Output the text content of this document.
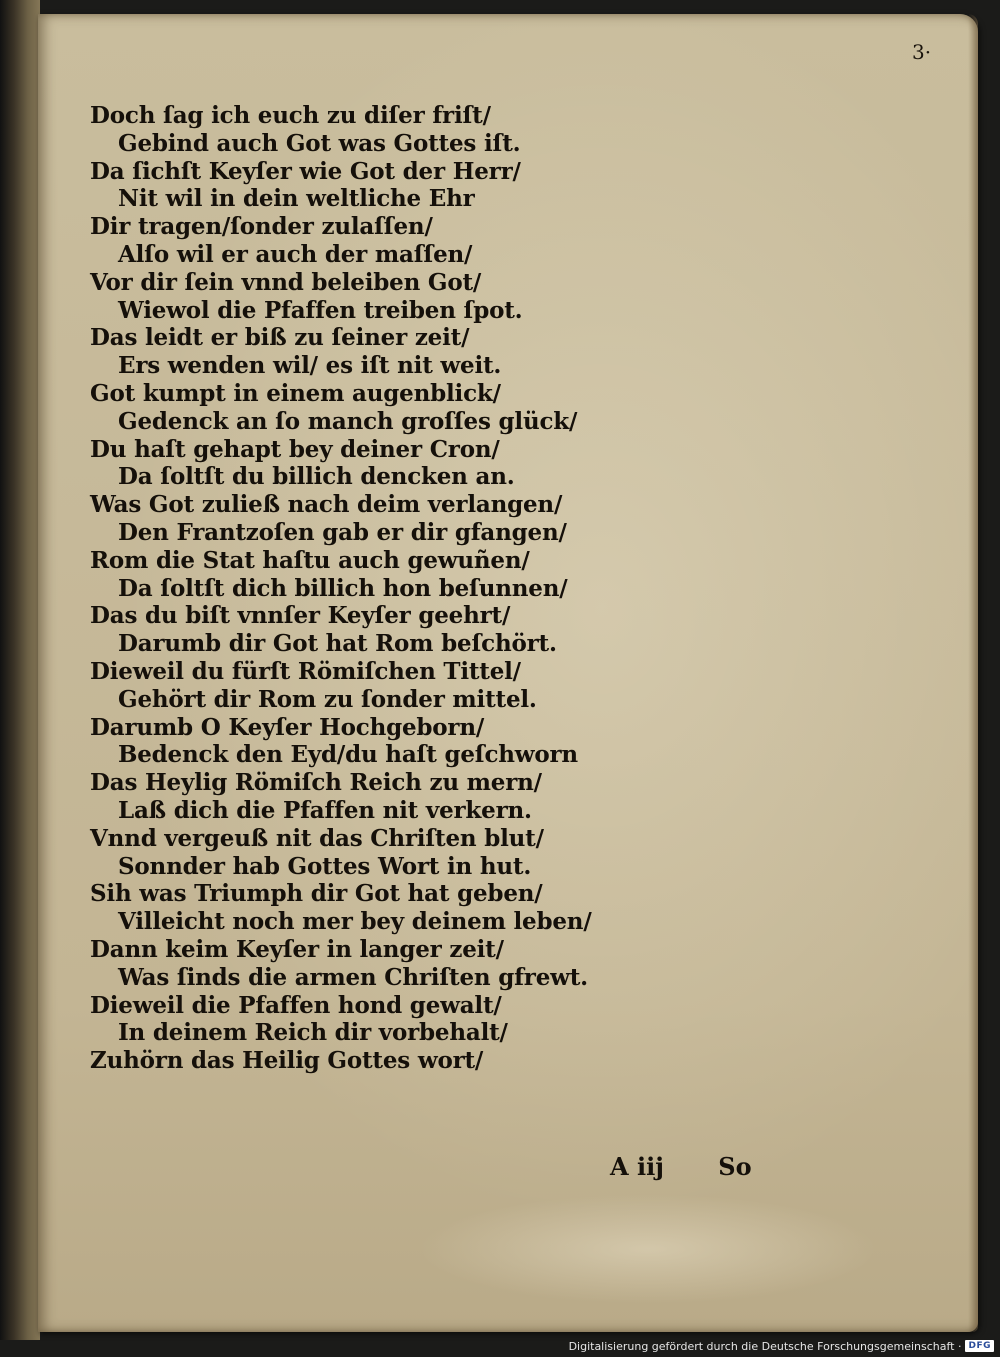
3·
Doch ſag ich euch zu diſer friſt/
Gebind auch Got was Gottes iſt.
Da ſichſt Keyſer wie Got der Herr/
Nit wil in dein weltliche Ehr
Dir tragen/ſonder zulaſſen/
Alſo wil er auch der maſſen/
Vor dir ſein vnnd beleiben Got/
Wiewol die Pfaffen treiben ſpot.
Das leidt er biß zu ſeiner zeit/
Ers wenden wil/ es iſt nit weit.
Got kumpt in einem augenblick/
Gedenck an ſo manch groſſes glück/
Du haſt gehapt bey deiner Cron/
Da ſoltſt du billich dencken an.
Was Got zuließ nach deim verlangen/
Den Frantzoſen gab er dir gfangen/
Rom die Stat haſtu auch gewuñen/
Da ſoltſt dich billich hon beſunnen/
Das du biſt vnnſer Keyſer geehrt/
Darumb dir Got hat Rom beſchört.
Dieweil du fürſt Römiſchen Tittel/
Gehört dir Rom zu ſonder mittel.
Darumb O Keyſer Hochgeborn/
Bedenck den Eyd/du haſt geſchworn
Das Heylig Römiſch Reich zu mern/
Laß dich die Pfaffen nit verkern.
Vnnd vergeuß nit das Chriſten blut/
Sonnder hab Gottes Wort in hut.
Sih was Triumph dir Got hat geben/
Villeicht noch mer bey deinem leben/
Dann keim Keyſer in langer zeit/
Was ſinds die armen Chriſten gfrewt.
Dieweil die Pfaffen hond gewalt/
In deinem Reich dir vorbehalt/
Zuhörn das Heilig Gottes wort/
A iij So
Digitalisierung gefördert durch die Deutsche Forschungsgemeinschaft · DFG
